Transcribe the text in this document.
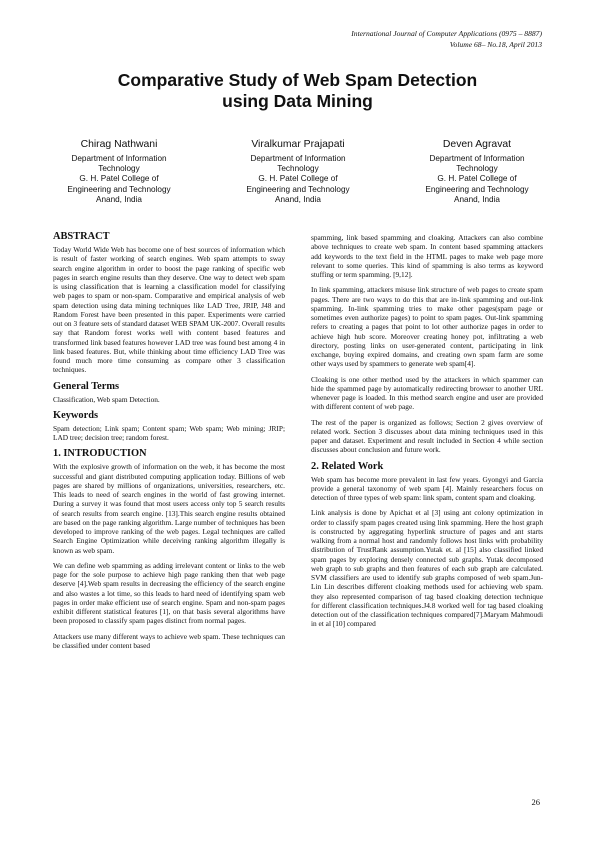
International Journal of Computer Applications (0975 – 8887)
Volume 68– No.18, April 2013
Comparative Study of Web Spam Detection
using Data Mining
Chirag Nathwani
Department of Information
Technology
G. H. Patel College of
Engineering and Technology
Anand, India
Viralkumar Prajapati
Department of Information
Technology
G. H. Patel College of
Engineering and Technology
Anand, India
Deven Agravat
Department of Information
Technology
G. H. Patel College of
Engineering and Technology
Anand, India
ABSTRACT

Today World Wide Web has become one of best sources of information which is result of faster working of search engines. Web spam attempts to sway search engine algorithm in order to boost the page ranking of specific web pages in search engine results than they deserve. One way to detect web spam is using classification that is learning a classification model for classifying web pages to spam or non-spam. Comparative and empirical analysis of web spam detection using data mining techniques like LAD Tree, JRIP, J48 and Random Forest have been presented in this paper. Experiments were carried out on 3 feature sets of standard dataset WEB SPAM UK-2007. Overall results say that Random forest works well with content based features and transformed link based features however LAD tree was found best among 4 in link based features. But, while thinking about time efficiency LAD Tree was found much more time consuming as compare other 3 classification techniques.

General Terms

Classification, Web spam Detection.

Keywords

Spam detection; Link spam; Content spam; Web spam; Web mining; JRIP; LAD tree; decision tree; random forest.

1. INTRODUCTION

With the explosive growth of information on the web, it has become the most successful and giant distributed computing application today. Billions of web pages are shared by millions of organizations, universities, researchers, etc. This leads to need of search engines in the world of fast growing internet. During a survey it was found that most users access only top 5 search results of search results from search engine. [13].This search engine results obtained are based on the page ranking algorithm. Large number of techniques has been developed to improve ranking of the web pages. Legal techniques are called Search Engine Optimization while deceiving ranking algorithm illegally is known as web spam.

We can define web spamming as adding irrelevant content or links to the web page for the sole purpose to achieve high page ranking then that web page deserve [4].Web spam results in decreasing the efficiency of the search engine and also wastes a lot time, so this leads to hard need of identifying spam web pages in order make efficient use of search engine. Spam and non-spam pages exhibit different statistical features [1], on that basis several algorithms have been proposed to classify spam pages distinct from normal pages.

Attackers use many different ways to achieve web spam. These techniques can be classified under content based

spamming, link based spamming and cloaking. Attackers can also combine above techniques to create web spam. In content based spamming attackers add keywords to the text field in the HTML pages to make web page more relevant to some queries. This kind of spamming is also terms as keyword stuffing or term spamming. [9,12].

In link spamming, attackers misuse link structure of web pages to create spam pages. There are two ways to do this that are in-link spamming and out-link spamming. In-link spamming tries to make other pages(spam page or sometimes even authorize pages) to point to spam pages. Out-link spamming refers to creating a pages that point to lot other authorize pages in order to achieve high hub score. Moreover creating honey pot, infiltrating a web directory, posting links on user-generated content, participating in link exchange, buying expired domains, and creating own spam farm are some other ways used by spammers to generate web spam[4].

Cloaking is one other method used by the attackers in which spammer can hide the spammed page by automatically redirecting browser to another URL whenever page is loaded. In this method search engine and user are provided with different content of web page.

The rest of the paper is organized as follows; Section 2 gives overview of related work. Section 3 discusses about data mining techniques used in this paper and dataset. Experiment and result included in Section 4 while section discusses about conclusion and future work.

2. Related Work

Web spam has become more prevalent in last few years. Gyongyi and Garcia provide a general taxonomy of web spam [4]. Mainly researchers focus on detection of three types of web spam: link spam, content spam and cloaking.

Link analysis is done by Apichat et al [3] using ant colony optimization in order to classify spam pages created using link spamming. Here the host graph is constructed by aggregating hyperlink structure of pages and ant starts walking from a normal host and randomly follows host links with probability distribution of TrustRank assumption.Yutak et. al [15] also classified linked spam pages by exploring densely connected sub graphs. Yutak decomposed web graph to sub graphs and then features of each sub graph are calculated. SVM classifiers are used to identify sub graphs composed of web spam.Jun-Lin Lin describes different cloaking methods used for achieving web spam. they also represented comparison of tag based cloaking detection technique for different classification techniques.J4.8 worked well for tag based cloaking detection out of the classification techniques compared[7].Maryam Mahmoudi in et al [10] compared

26
